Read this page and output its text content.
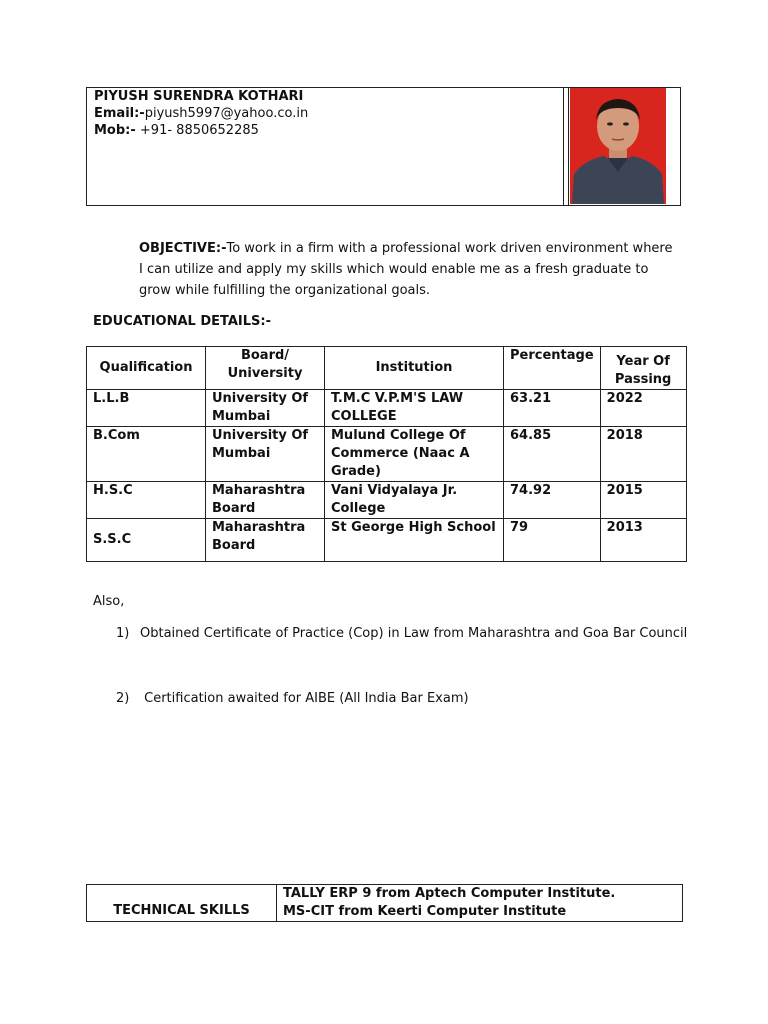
PIYUSH SURENDRA KOTHARI
Email:-piyush5997@yahoo.co.in
Mob:- +91- 8850652285
OBJECTIVE:-To work in a firm with a professional work driven environment where I can utilize and apply my skills which would enable me as a fresh graduate to grow while fulfilling the organizational goals.
EDUCATIONAL DETAILS:-
Qualification	Board/ University	Institution	Percentage	Year Of Passing
L.L.B	University Of Mumbai	T.M.C V.P.M'S LAW COLLEGE	63.21	2022
B.Com	University Of Mumbai	Mulund College Of Commerce (Naac A Grade)	64.85	2018
H.S.C	Maharashtra Board	Vani Vidyalaya Jr. College	74.92	2015
S.S.C	Maharashtra Board	St George High School	79	2013
Also,
1) Obtained Certificate of Practice (Cop) in Law from Maharashtra and Goa Bar Council
2) Certification awaited for AIBE (All India Bar Exam)
TECHNICAL SKILLS	
TALLY ERP 9 from Aptech Computer Institute.
MS-CIT from Keerti Computer Institute
